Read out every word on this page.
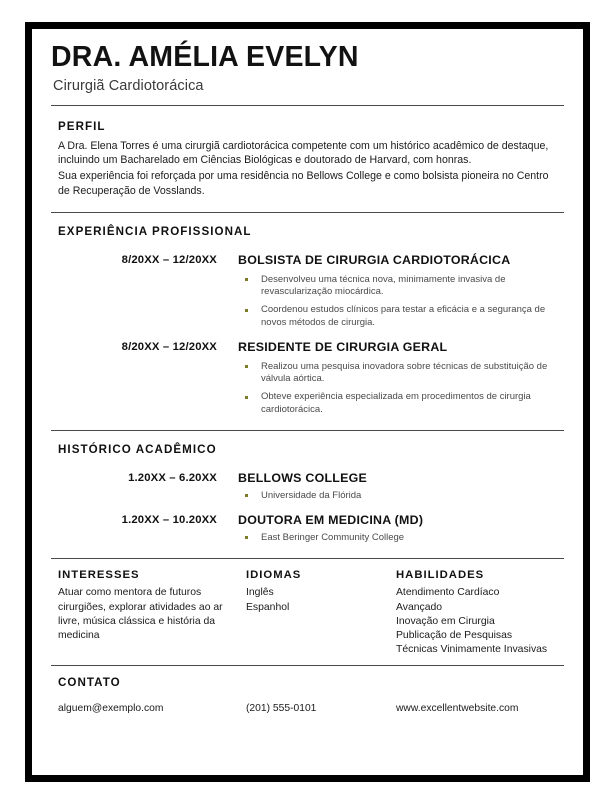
DRA. AMÉLIA EVELYN
Cirurgiã Cardiotorácica
PERFIL

A Dra. Elena Torres é uma cirurgiã cardiotorácica competente com um histórico acadêmico de destaque, incluindo um Bacharelado em Ciências Biológicas e doutorado de Harvard, com honras.

Sua experiência foi reforçada por uma residência no Bellows College e como bolsista pioneira no Centro de Recuperação de Vosslands.

EXPERIÊNCIA PROFISSIONAL
8/20XX – 12/20XX BOLSISTA DE CIRURGIA CARDIOTORÁCICA
Desenvolveu uma técnica nova, minimamente invasiva de revascularização miocárdica.
Coordenou estudos clínicos para testar a eficácia e a segurança de novos métodos de cirurgia.
8/20XX – 12/20XX RESIDENTE DE CIRURGIA GERAL
Realizou uma pesquisa inovadora sobre técnicas de substituição de válvula aórtica.
Obteve experiência especializada em procedimentos de cirurgia cardiotorácica.
HISTÓRICO ACADÊMICO
1.20XX – 6.20XX BELLOWS COLLEGE
Universidade da Flórida
1.20XX – 10.20XX DOUTORA EM MEDICINA (MD)
East Beringer Community College
INTERESSES
Atuar como mentora de futuros cirurgiões, explorar atividades ao ar livre, música clássica e história da medicina
IDIOMAS
Inglês
Espanhol
HABILIDADES
Atendimento Cardíaco
Avançado
Inovação em Cirurgia
Publicação de Pesquisas
Técnicas Vinimamente Invasivas
CONTATO
alguem@exemplo.com	(201) 555-0101	www.excellentwebsite.com
